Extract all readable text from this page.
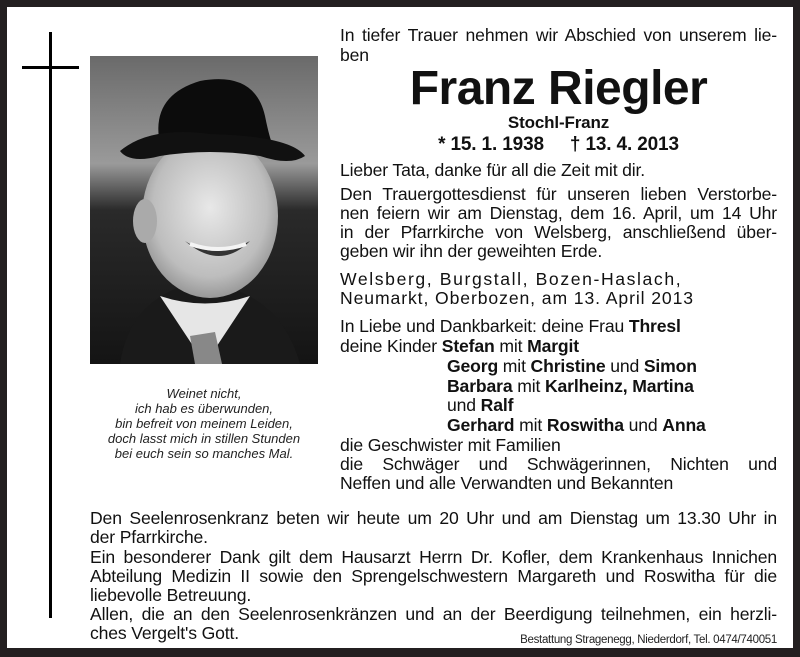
Weinet nicht,
ich hab es überwunden,
bin befreit von meinem Leiden,
doch lasst mich in stillen Stunden
bei euch sein so manches Mal.
In tiefer Trauer nehmen wir Abschied von unserem lie-
ben
Franz Riegler
Stochl-Franz
* 15. 1. 1938 † 13. 4. 2013
Lieber Tata, danke für all die Zeit mit dir.
Den Trauergottesdienst für unseren lieben Verstorbe-
nen feiern wir am Dienstag, dem 16. April, um 14 Uhr
in der Pfarrkirche von Welsberg, anschließend über-
geben wir ihn der geweihten Erde.
Welsberg, Burgstall, Bozen-Haslach,
Neumarkt, Oberbozen, am 13. April 2013
In Liebe und Dankbarkeit: deine Frau Thresl
deine Kinder Stefan mit Margit
Georg mit Christine und Simon
Barbara mit Karlheinz, Martina
und Ralf
Gerhard mit Roswitha und Anna
die Geschwister mit Familien
die Schwäger und Schwägerinnen, Nichten und
Neffen und alle Verwandten und Bekannten
Den Seelenrosenkranz beten wir heute um 20 Uhr und am Dienstag um 13.30 Uhr in
der Pfarrkirche.
Ein besonderer Dank gilt dem Hausarzt Herrn Dr. Kofler, dem Krankenhaus Innichen
Abteilung Medizin II sowie den Sprengelschwestern Margareth und Roswitha für die
liebevolle Betreuung.
Allen, die an den Seelenrosenkränzen und an der Beerdigung teilnehmen, ein herzli-
ches Vergelt's Gott.	Bestattung Stragenegg, Niederdorf, Tel. 0474/740051
